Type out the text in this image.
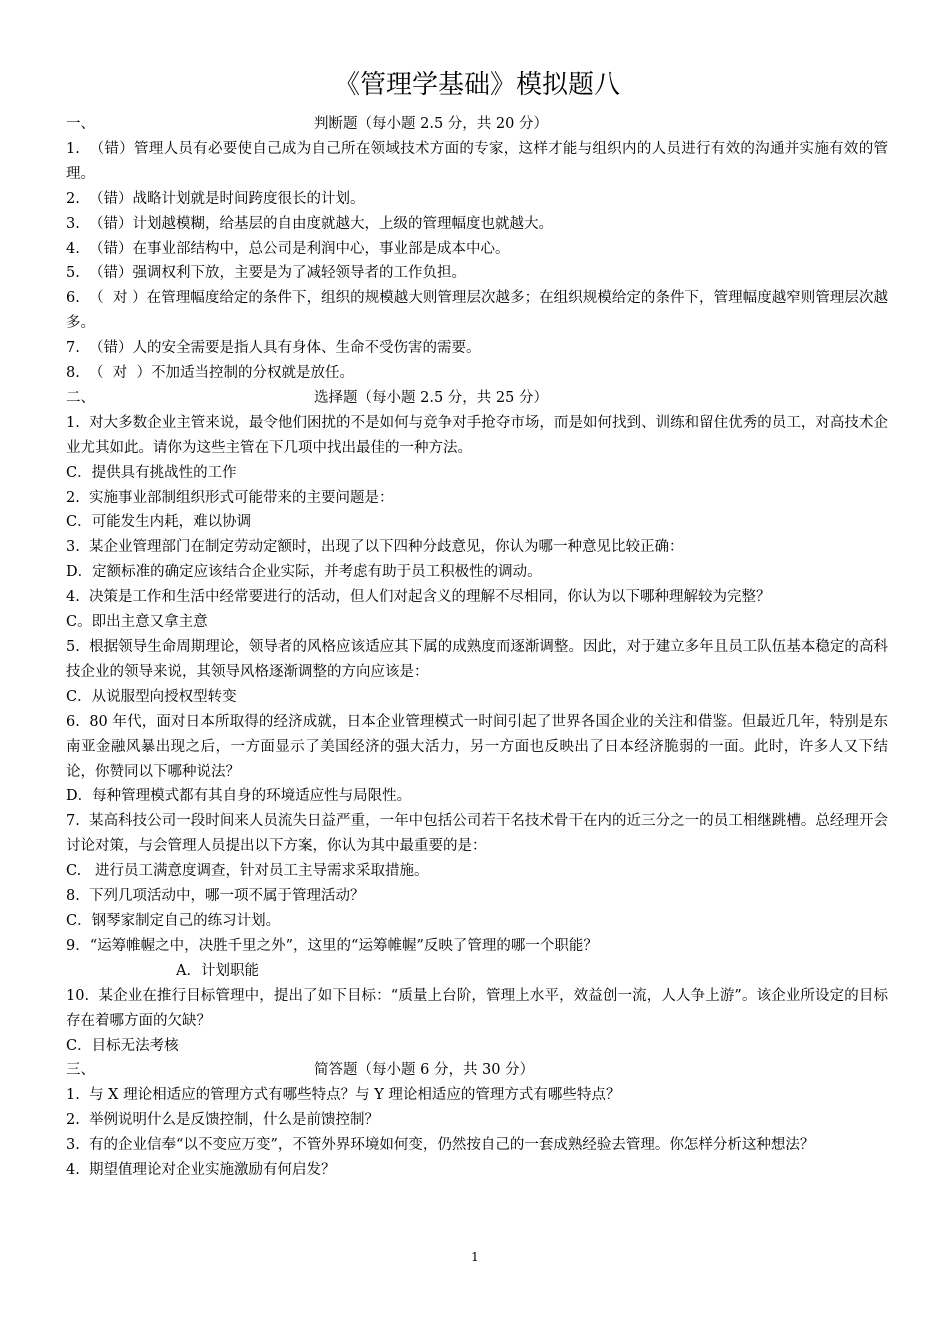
《管理学基础》模拟题八
一、	判断题（每小题 2.5 分，共 20 分）

1.  （错）管理人员有必要使自己成为自己所在领域技术方面的专家，这样才能与组织内的人员进行有效的沟通并实施有效的管理。

2.  （错）战略计划就是时间跨度很长的计划。

3.  （错）计划越模糊，给基层的自由度就越大，上级的管理幅度也就越大。

4.  （错）在事业部结构中，总公司是利润中心，事业部是成本中心。

5.  （错）强调权利下放，主要是为了减轻领导者的工作负担。

6.  （  对 ）在管理幅度给定的条件下，组织的规模越大则管理层次越多；在组织规模给定的条件下，管理幅度越窄则管理层次越多。

7.  （错）人的安全需要是指人具有身体、生命不受伤害的需要。

8.  （  对  ）不加适当控制的分权就是放任。

二、	选择题（每小题 2.5 分，共 25 分）

1.  对大多数企业主管来说，最令他们困扰的不是如何与竞争对手抢夺市场，而是如何找到、训练和留住优秀的员工，对高技术企业尤其如此。请你为这些主管在下几项中找出最佳的一种方法。

C．提供具有挑战性的工作

2.  实施事业部制组织形式可能带来的主要问题是：

C．可能发生内耗，难以协调

3.  某企业管理部门在制定劳动定额时，出现了以下四种分歧意见，你认为哪一种意见比较正确：

D．定额标准的确定应该结合企业实际，并考虑有助于员工积极性的调动。

4.  决策是工作和生活中经常要进行的活动，但人们对起含义的理解不尽相同，你认为以下哪种理解较为完整？

C。即出主意又拿主意

5.  根据领导生命周期理论，领导者的风格应该适应其下属的成熟度而逐渐调整。因此，对于建立多年且员工队伍基本稳定的高科技企业的领导来说，其领导风格逐渐调整的方向应该是：

C．从说服型向授权型转变

6.  80 年代，面对日本所取得的经济成就，日本企业管理模式一时间引起了世界各国企业的关注和借鉴。但最近几年，特别是东南亚金融风暴出现之后，一方面显示了美国经济的强大活力，另一方面也反映出了日本经济脆弱的一面。此时，许多人又下结论，你赞同以下哪种说法？

D．每种管理模式都有其自身的环境适应性与局限性。

7.  某高科技公司一段时间来人员流失日益严重，一年中包括公司若干名技术骨干在内的近三分之一的员工相继跳槽。总经理开会讨论对策，与会管理人员提出以下方案，你认为其中最重要的是：

C.   进行员工满意度调查，针对员工主导需求采取措施。

8.  下列几项活动中，哪一项不属于管理活动？

C．钢琴家制定自己的练习计划。

9．“运筹帷幄之中，决胜千里之外”，这里的“运筹帷幄”反映了管理的哪一个职能？

A．计划职能

10.  某企业在推行目标管理中，提出了如下目标：“质量上台阶，管理上水平，效益创一流，人人争上游”。该企业所设定的目标存在着哪方面的欠缺？

C．目标无法考核

三、	简答题（每小题 6 分，共 30 分）

1.  与 X 理论相适应的管理方式有哪些特点？与 Y 理论相适应的管理方式有哪些特点？

2.  举例说明什么是反馈控制，什么是前馈控制？

3.  有的企业信奉“以不变应万变”，不管外界环境如何变，仍然按自己的一套成熟经验去管理。你怎样分析这种想法？

4.  期望值理论对企业实施激励有何启发？

1
